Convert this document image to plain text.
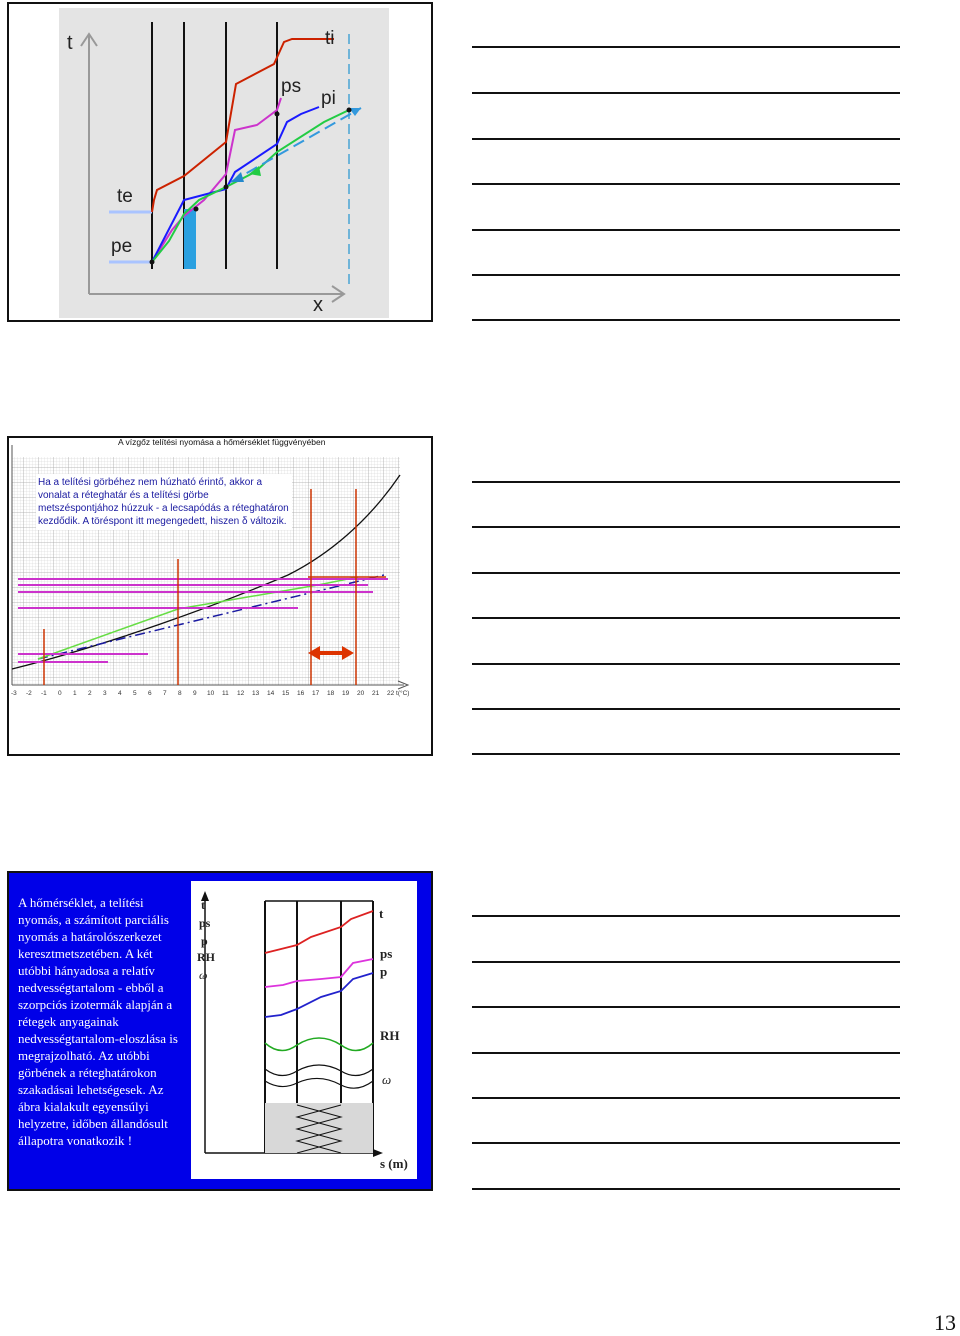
t
x
ti
ps
pi
te
pe
A vízgőz telítési nyomása a hőmérséklet függvényében
Ha a telítési görbéhez nem húzható érintő, akkor a vonalat a réteghatár és a telítési görbe metszéspontjához húzzuk - a lecsapódás a réteghatáron kezdődik. A töréspont itt megengedett, hiszen δ változik.
-3 -2 -1 0 1 2 3 4 5 6 7 8 9 10 11 12 13 14 15 16 17 18 19 20 21 22 t(°C)
A hőmérséklet, a telítési nyomás, a számított parciális nyomás a határolószerkezet keresztmetszetében. A két utóbbi hányadosa a relatív nedvességtartalom - ebből a szorpciós izotermák alapján a rétegek anyagainak nedvességtartalom-eloszlása is megrajzolható. Az utóbbi görbének a réteghatárokon szakadásai lehetségesek. Az ábra kialakult egyensúlyi helyzetre, időben állandósult állapotra vonatkozik !
t
ps
p
RH
ω
t
ps
p
RH
ω
s (m)
13
